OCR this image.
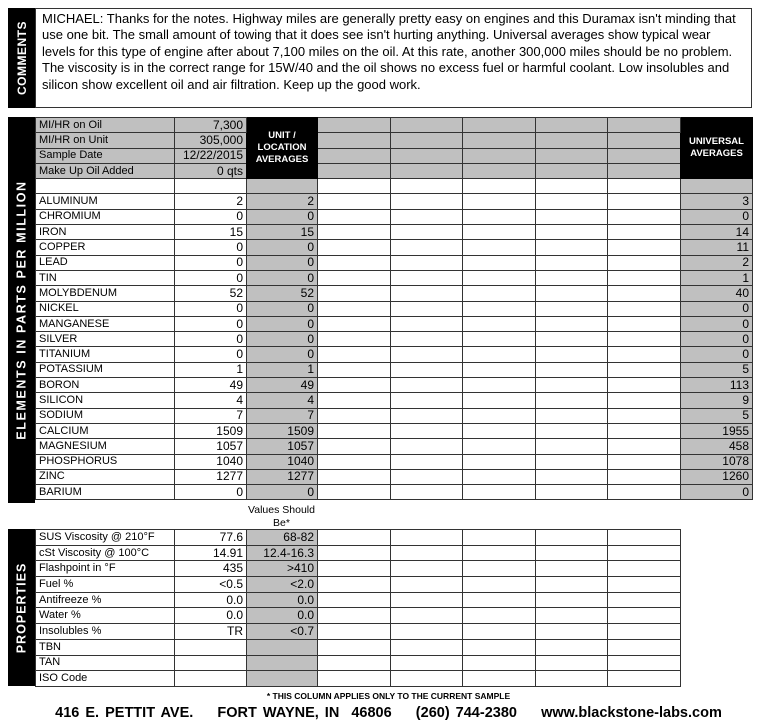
COMMENTS
MICHAEL: Thanks for the notes. Highway miles are generally pretty easy on engines and this Duramax isn't minding that use one bit. The small amount of towing that it does see isn't hurting anything. Universal averages show typical wear levels for this type of engine after about 7,100 miles on the oil. At this rate, another 300,000 miles should be no problem. The viscosity is in the correct range for 15W/40 and the oil shows no excess fuel or harmful coolant. Low insolubles and silicon show excellent oil and air filtration. Keep up the good work.
ELEMENTS IN PARTS PER MILLION
MI/HR on Oil	7,300	UNIT / LOCATION AVERAGES						UNIVERSAL AVERAGES
MI/HR on Unit	305,000							
Sample Date	12/22/2015							
Make Up Oil Added	0 qts							

ALUMINUM	2	2						3
CHROMIUM	0	0						0
IRON	15	15						14
COPPER	0	0						11
LEAD	0	0						2
TIN	0	0						1
MOLYBDENUM	52	52						40
NICKEL	0	0						0
MANGANESE	0	0						0
SILVER	0	0						0
TITANIUM	0	0						0
POTASSIUM	1	1						5
BORON	49	49						113
SILICON	4	4						9
SODIUM	7	7						5
CALCIUM	1509	1509						1955
MAGNESIUM	1057	1057						458
PHOSPHORUS	1040	1040						1078
ZINC	1277	1277						1260
BARIUM	0	0						0
Values Should Be*
PROPERTIES
SUS Viscosity @ 210°F	77.6	68-82					
cSt Viscosity @ 100°C	14.91	12.4-16.3					
Flashpoint in °F	435	>410					
Fuel %	<0.5	<2.0					
Antifreeze %	0.0	0.0					
Water %	0.0	0.0					
Insolubles %	TR	<0.7					
TBN							
TAN							
ISO Code							
* THIS COLUMN APPLIES ONLY TO THE CURRENT SAMPLE
416 E. PETTIT AVE.    FORT WAYNE, IN  46806    (260) 744-2380    www.blackstone-labs.com
